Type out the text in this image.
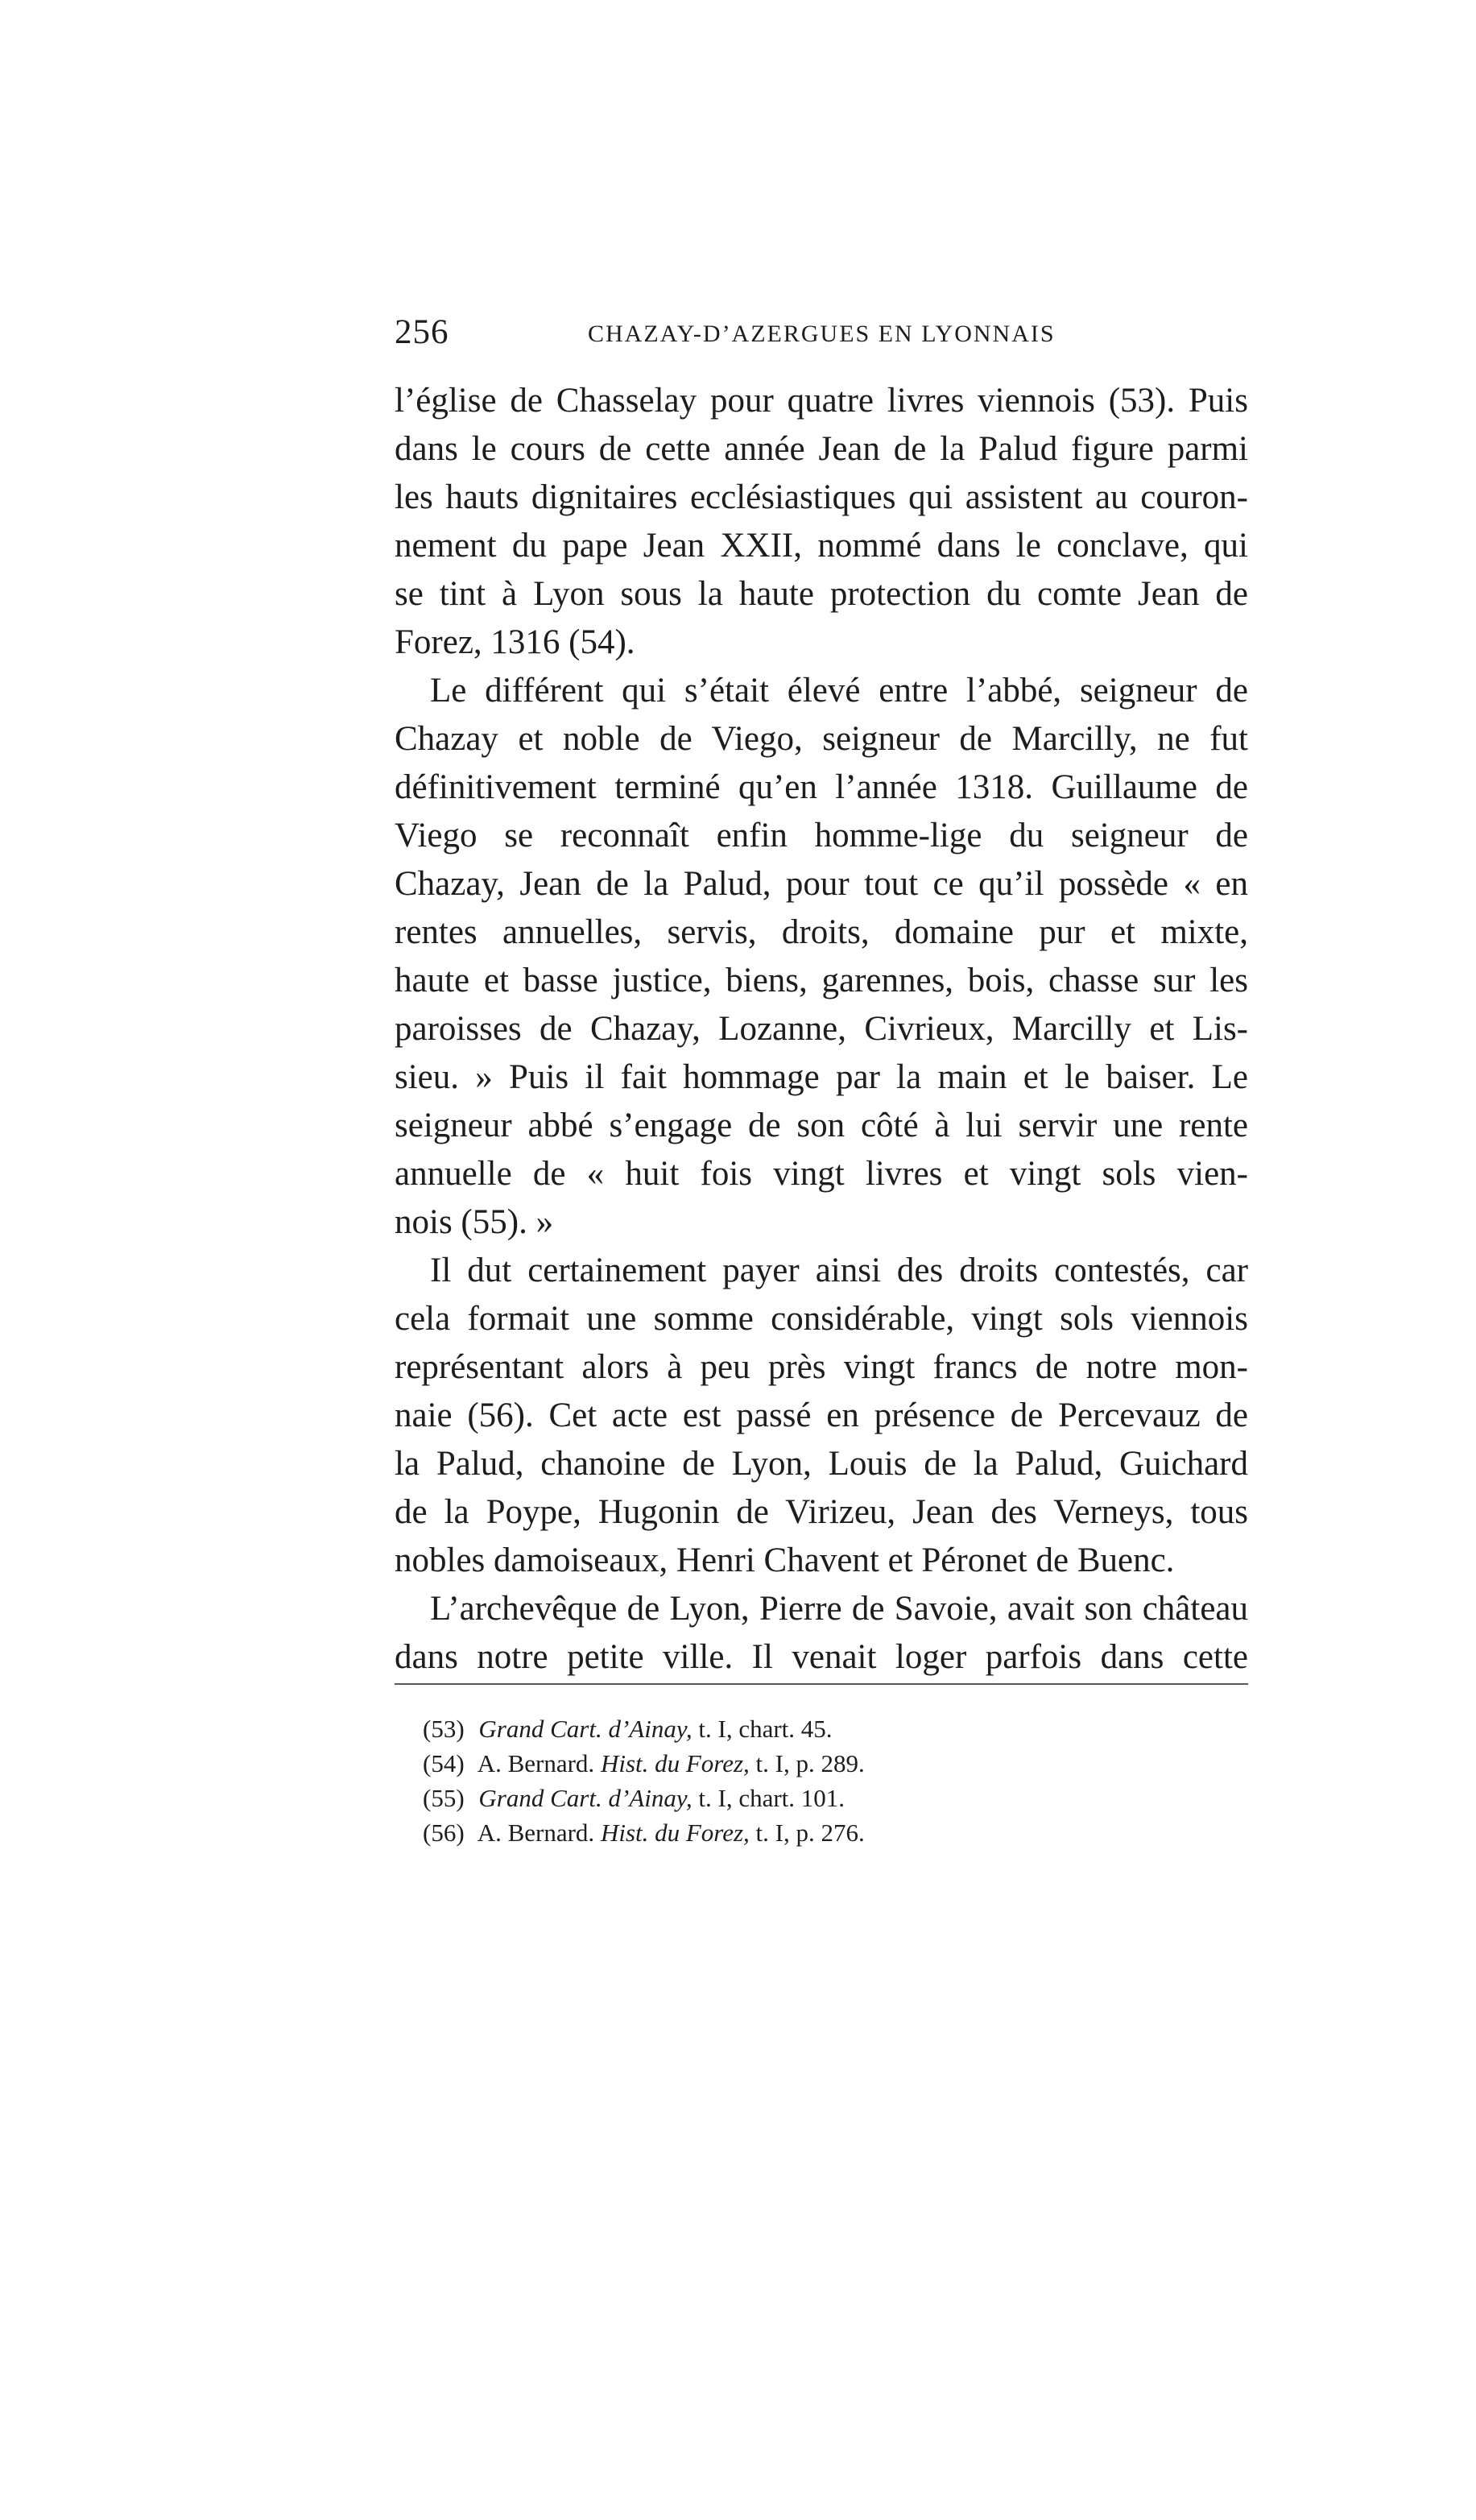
256	CHAZAY-D’AZERGUES EN LYONNAIS
l’église de Chasselay pour quatre livres viennois (53). Puis
dans le cours de cette année Jean de la Palud figure parmi
les hauts dignitaires ecclésiastiques qui assistent au couron-
nement du pape Jean XXII, nommé dans le conclave, qui
se tint à Lyon sous la haute protection du comte Jean de
Forez, 1316 (54).
Le différent qui s’était élevé entre l’abbé, seigneur de
Chazay et noble de Viego, seigneur de Marcilly, ne fut
définitivement terminé qu’en l’année 1318. Guillaume de
Viego se reconnaît enfin homme-lige du seigneur de
Chazay, Jean de la Palud, pour tout ce qu’il possède « en
rentes annuelles, servis, droits, domaine pur et mixte,
haute et basse justice, biens, garennes, bois, chasse sur les
paroisses de Chazay, Lozanne, Civrieux, Marcilly et Lis-
sieu. » Puis il fait hommage par la main et le baiser. Le
seigneur abbé s’engage de son côté à lui servir une rente
annuelle de « huit fois vingt livres et vingt sols vien-
nois (55). »
Il dut certainement payer ainsi des droits contestés, car
cela formait une somme considérable, vingt sols viennois
représentant alors à peu près vingt francs de notre mon-
naie (56). Cet acte est passé en présence de Percevauz de
la Palud, chanoine de Lyon, Louis de la Palud, Guichard
de la Poype, Hugonin de Virizeu, Jean des Verneys, tous
nobles damoiseaux, Henri Chavent et Péronet de Buenc.
L’archevêque de Lyon, Pierre de Savoie, avait son château
dans notre petite ville. Il venait loger parfois dans cette
(53) Grand Cart. d’Ainay, t. I, chart. 45.
(54) A. Bernard. Hist. du Forez, t. I, p. 289.
(55) Grand Cart. d’Ainay, t. I, chart. 101.
(56) A. Bernard. Hist. du Forez, t. I, p. 276.
